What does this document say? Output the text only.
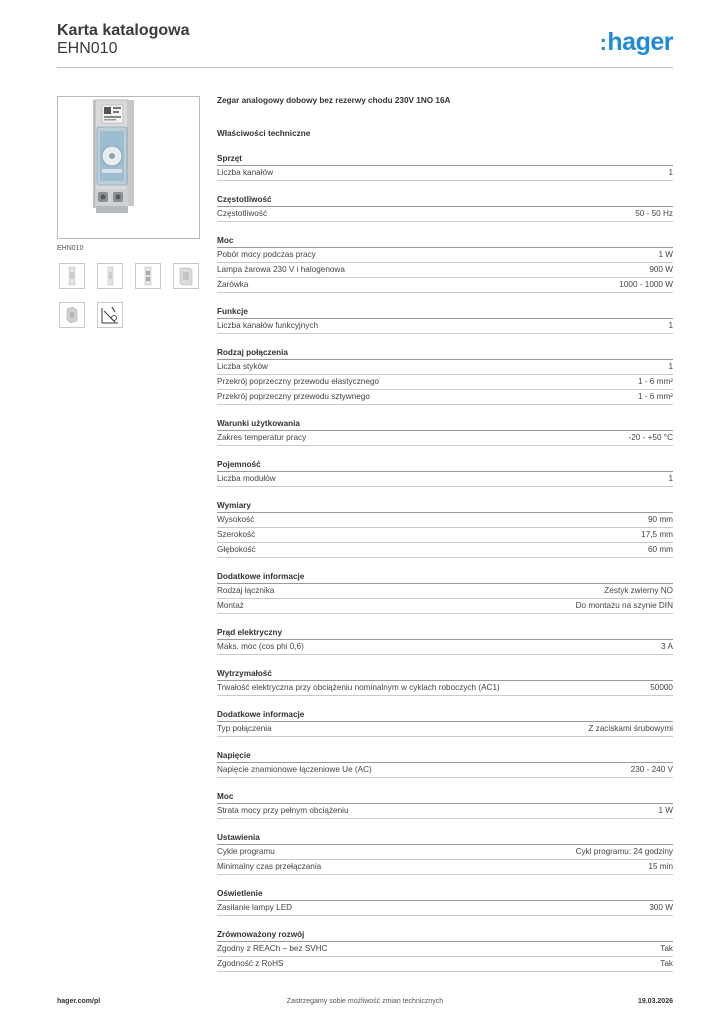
Karta katalogowa
EHN010	:hager
EHN010
Zegar analogowy dobowy bez rezerwy chodu 230V 1NO 16A
Właściwości techniczne
Sprzęt
Liczba kanałów	1
Częstotliwość
Częstotliwość	50 - 50 Hz
Moc
Pobór mocy podczas pracy	1 W
Lampa żarowa 230 V i halogenowa	900 W
Żarówka	1000 - 1000 W
Funkcje
Liczba kanałów funkcyjnych	1
Rodzaj połączenia
Liczba styków	1
Przekrój poprzeczny przewodu elastycznego	1 - 6 mm²
Przekrój poprzeczny przewodu sztywnego	1 - 6 mm²
Warunki użytkowania
Zakres temperatur pracy	-20 - +50 °C
Pojemność
Liczba modułów	1
Wymiary
Wysokość	90 mm
Szerokość	17,5 mm
Głębokość	60 mm
Dodatkowe informacje
Rodzaj łącznika	Zestyk zwierny NO
Montaż	Do montażu na szynie DIN
Prąd elektryczny
Maks. moc (cos phi 0,6)	3 A
Wytrzymałość
Trwałość elektryczna przy obciążeniu nominalnym w cyklach roboczych (AC1)	50000
Dodatkowe informacje
Typ połączenia	Z zaciskami śrubowymi
Napięcie
Napięcie znamionowe łączeniowe Ue (AC)	230 - 240 V
Moc
Strata mocy przy pełnym obciążeniu	1 W
Ustawienia
Cykle programu	Cykl programu: 24 godziny
Minimalny czas przełączania	15 min
Oświetlenie
Zasilanie lampy LED	300 W
Zrównoważony rozwój
Zgodny z REACh – bez SVHC	Tak
Zgodność z RoHS	Tak
hager.com/pl	Zastrzegamy sobie możliwość zmian technicznych	19.03.2026
